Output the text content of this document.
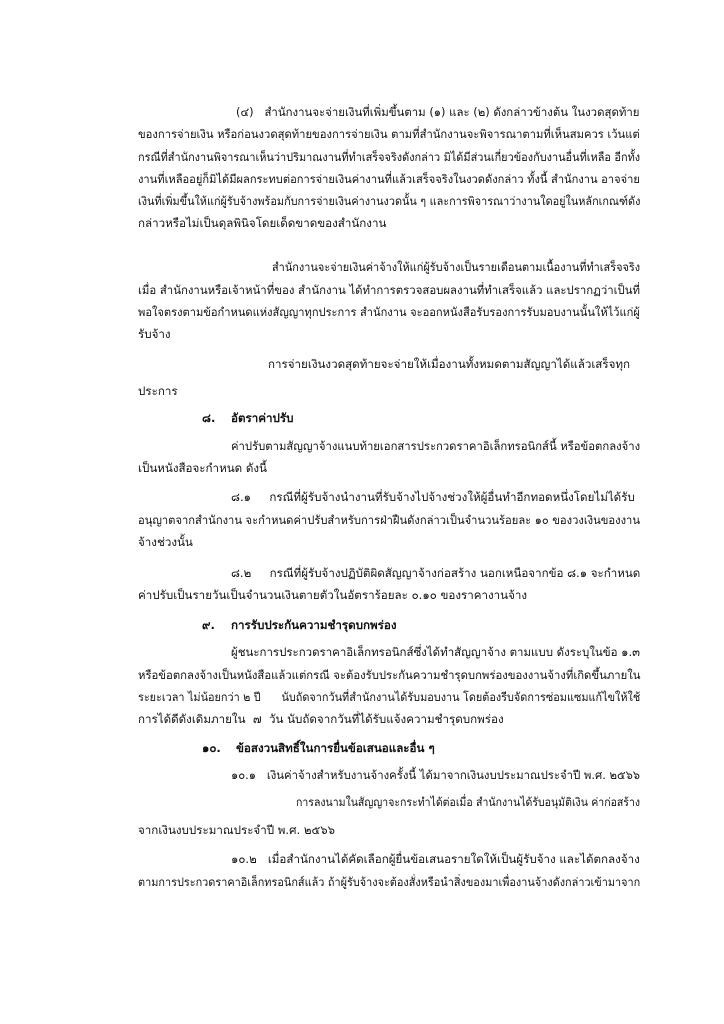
(๔)   สำนักงานจะจ่ายเงินที่เพิ่มขึ้นตาม (๑) และ (๒) ดังกล่าวข้างต้น ในงวดสุดท้าย
ของการจ่ายเงิน หรือก่อนงวดสุดท้ายของการจ่ายเงิน ตามที่สำนักงานจะพิจารณาตามที่เห็นสมควร เว้นแต่
กรณีที่สำนักงานพิจารณาเห็นว่าปริมาณงานที่ทำเสร็จจริงดังกล่าว มิได้มีส่วนเกี่ยวข้องกับงานอื่นที่เหลือ อีกทั้ง
งานที่เหลืออยู่ก็มิได้มีผลกระทบต่อการจ่ายเงินค่างานที่แล้วเสร็จจริงในงวดดังกล่าว ทั้งนี้ สำนักงาน อาจจ่าย
เงินที่เพิ่มขึ้นให้แก่ผู้รับจ้างพร้อมกับการจ่ายเงินค่างานงวดนั้น ๆ และการพิจารณาว่างานใดอยู่ในหลักเกณฑ์ดัง
กล่าวหรือไม่เป็นดุลพินิจโดยเด็ดขาดของสำนักงาน
สำนักงานจะจ่ายเงินค่าจ้างให้แก่ผู้รับจ้างเป็นรายเดือนตามเนื้องานที่ทำเสร็จจริง
เมื่อ สำนักงานหรือเจ้าหน้าที่ของ สำนักงาน ได้ทำการตรวจสอบผลงานที่ทำเสร็จแล้ว และปรากฏว่าเป็นที่
พอใจตรงตามข้อกำหนดแห่งสัญญาทุกประการ สำนักงาน จะออกหนังสือรับรองการรับมอบงานนั้นให้ไว้แก่ผู้
รับจ้าง
การจ่ายเงินงวดสุดท้ายจะจ่ายให้เมื่องานทั้งหมดตามสัญญาได้แล้วเสร็จทุก
ประการ
๘. อัตราค่าปรับ
ค่าปรับตามสัญญาจ้างแนบท้ายเอกสารประกวดราคาอิเล็กทรอนิกส์นี้ หรือข้อตกลงจ้าง
เป็นหนังสือจะกำหนด ดังนี้
๘.๑     กรณีที่ผู้รับจ้างนำงานที่รับจ้างไปจ้างช่วงให้ผู้อื่นทำอีกทอดหนึ่งโดยไม่ได้รับ
อนุญาตจากสำนักงาน จะกำหนดค่าปรับสำหรับการฝ่าฝืนดังกล่าวเป็นจำนวนร้อยละ ๑๐ ของวงเงินของงาน
จ้างช่วงนั้น
๘.๒     กรณีที่ผู้รับจ้างปฏิบัติผิดสัญญาจ้างก่อสร้าง นอกเหนือจากข้อ ๘.๑ จะกำหนด
ค่าปรับเป็นรายวันเป็นจำนวนเงินตายตัวในอัตราร้อยละ ๐.๑๐ ของราคางานจ้าง
๙. การรับประกันความชำรุดบกพร่อง
ผู้ชนะการประกวดราคาอิเล็กทรอนิกส์ซึ่งได้ทำสัญญาจ้าง ตามแบบ ดังระบุในข้อ ๑.๓
หรือข้อตกลงจ้างเป็นหนังสือแล้วแต่กรณี จะต้องรับประกันความชำรุดบกพร่องของงานจ้างที่เกิดขึ้นภายใน
ระยะเวลา ไม่น้อยกว่า ๒ ปี      นับถัดจากวันที่สำนักงานได้รับมอบงาน โดยต้องรีบจัดการซ่อมแซมแก้ไขให้ใช้
การได้ดีดังเดิมภายใน  ๗  วัน นับถัดจากวันที่ได้รับแจ้งความชำรุดบกพร่อง
๑๐. ข้อสงวนสิทธิ์ในการยื่นข้อเสนอและอื่น ๆ
๑๐.๑   เงินค่าจ้างสำหรับงานจ้างครั้งนี้ ได้มาจากเงินงบประมาณประจำปี พ.ศ. ๒๕๖๖
การลงนามในสัญญาจะกระทำได้ต่อเมื่อ สำนักงานได้รับอนุมัติเงิน ค่าก่อสร้าง
จากเงินงบประมาณประจำปี พ.ศ. ๒๕๖๖
๑๐.๒   เมื่อสำนักงานได้คัดเลือกผู้ยื่นข้อเสนอรายใดให้เป็นผู้รับจ้าง และได้ตกลงจ้าง
ตามการประกวดราคาอิเล็กทรอนิกส์แล้ว ถ้าผู้รับจ้างจะต้องสั่งหรือนำสิ่งของมาเพื่องานจ้างดังกล่าวเข้ามาจาก
